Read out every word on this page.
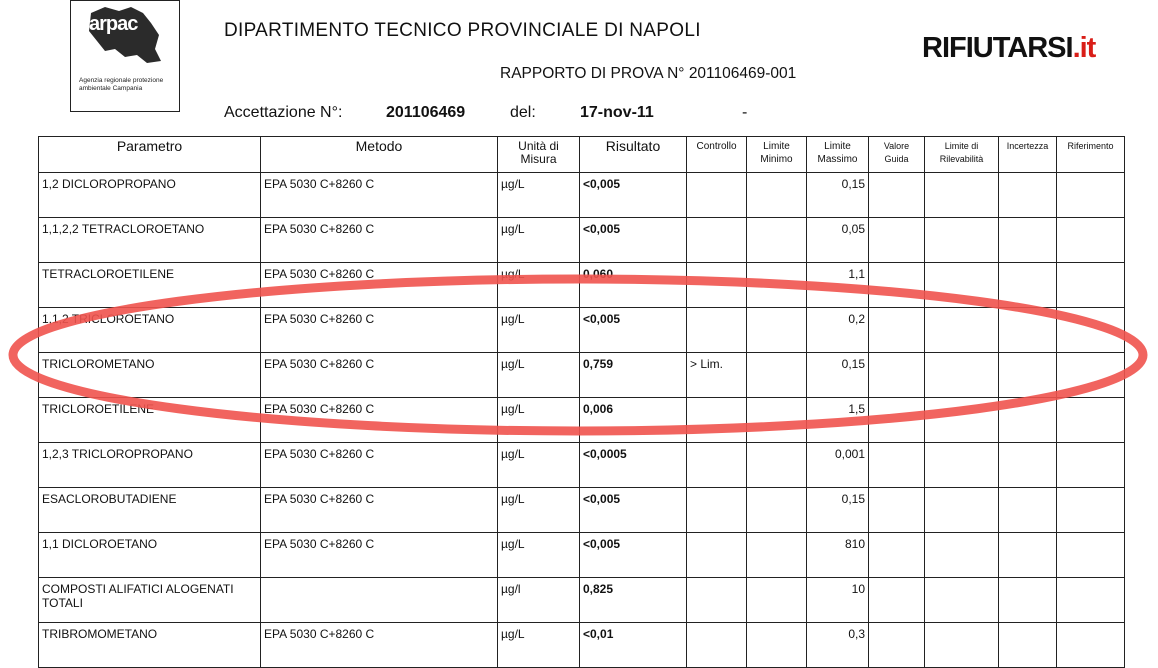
arpac
Agenzia regionale protezione ambientale Campania
DIPARTIMENTO TECNICO PROVINCIALE DI NAPOLI
RIFIUTARSI.it
RAPPORTO DI PROVA N° 201106469-001
Accettazione N°:	201106469	del:	17-nov-11	-
Parametro	Metodo	Unità di Misura	Risultato	Controllo	Limite Minimo	Limite Massimo	Valore Guida	Limite di Rilevabilità	Incertezza	Riferimento
1,2 DICLOROPROPANO	EPA 5030 C+8260 C	µg/L	<0,005			0,15				
1,1,2,2 TETRACLOROETANO	EPA 5030 C+8260 C	µg/L	<0,005			0,05				
TETRACLOROETILENE	EPA 5030 C+8260 C	µg/L	0,060			1,1				
1,1,2 TRICLOROETANO	EPA 5030 C+8260 C	µg/L	<0,005			0,2				
TRICLOROMETANO	EPA 5030 C+8260 C	µg/L	0,759	> Lim.		0,15				
TRICLOROETILENE	EPA 5030 C+8260 C	µg/L	0,006			1,5				
1,2,3 TRICLOROPROPANO	EPA 5030 C+8260 C	µg/L	<0,0005			0,001				
ESACLOROBUTADIENE	EPA 5030 C+8260 C	µg/L	<0,005			0,15				
1,1 DICLOROETANO	EPA 5030 C+8260 C	µg/L	<0,005			810				
COMPOSTI ALIFATICI ALOGENATI TOTALI		µg/l	0,825			10				
TRIBROMOMETANO	EPA 5030 C+8260 C	µg/L	<0,01			0,3				
